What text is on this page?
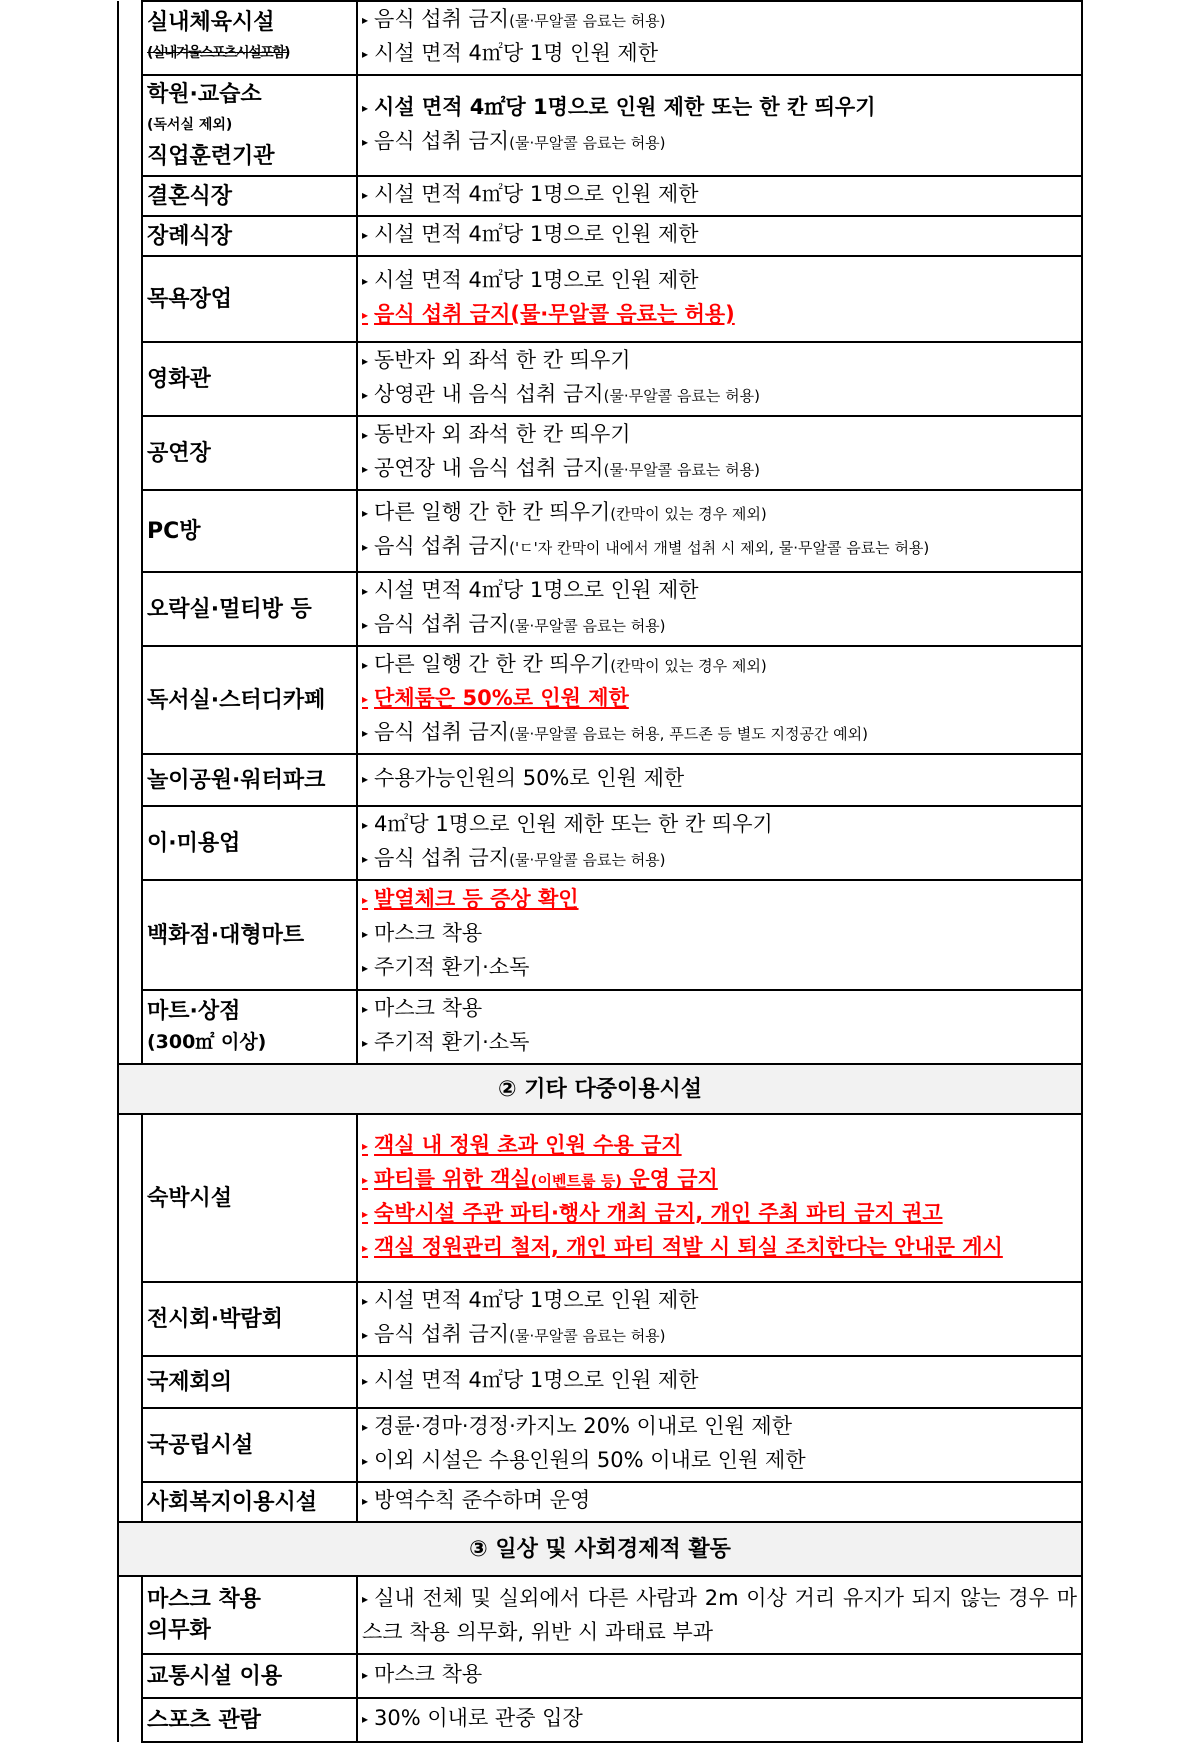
	실내체육시설
(실내겨울스포츠시설포함)	▸ 음식 섭취 금지(물·무알콜 음료는 허용)
▸ 시설 면적 4㎡당 1명 인원 제한

	학원·교습소
(독서실 제외)
직업훈련기관	▸ 시설 면적 4㎡당 1명으로 인원 제한 또는 한 칸 띄우기
▸ 음식 섭취 금지(물·무알콜 음료는 허용)

	결혼식장	▸ 시설 면적 4㎡당 1명으로 인원 제한

	장례식장	▸ 시설 면적 4㎡당 1명으로 인원 제한

	목욕장업	▸ 시설 면적 4㎡당 1명으로 인원 제한
▸ 음식 섭취 금지(물·무알콜 음료는 허용)

	영화관	▸ 동반자 외 좌석 한 칸 띄우기
▸ 상영관 내 음식 섭취 금지(물·무알콜 음료는 허용)

	공연장	▸ 동반자 외 좌석 한 칸 띄우기
▸ 공연장 내 음식 섭취 금지(물·무알콜 음료는 허용)

	PC방	▸ 다른 일행 간 한 칸 띄우기(칸막이 있는 경우 제외)
▸ 음식 섭취 금지('ㄷ'자 칸막이 내에서 개별 섭취 시 제외, 물·무알콜 음료는 허용)

	오락실·멀티방 등	▸ 시설 면적 4㎡당 1명으로 인원 제한
▸ 음식 섭취 금지(물·무알콜 음료는 허용)

	독서실·스터디카페	▸ 다른 일행 간 한 칸 띄우기(칸막이 있는 경우 제외)
▸ 단체룸은 50%로 인원 제한
▸ 음식 섭취 금지(물·무알콜 음료는 허용, 푸드존 등 별도 지정공간 예외)

	놀이공원·워터파크	▸ 수용가능인원의 50%로 인원 제한

	이·미용업	▸ 4㎡당 1명으로 인원 제한 또는 한 칸 띄우기
▸ 음식 섭취 금지(물·무알콜 음료는 허용)

	백화점·대형마트	▸ 발열체크 등 증상 확인
▸ 마스크 착용
▸ 주기적 환기·소독

	마트·상점
(300㎡ 이상)	▸ 마스크 착용
▸ 주기적 환기·소독

② 기타 다중이용시설		
	숙박시설	▸ 객실 내 정원 초과 인원 수용 금지
▸ 파티를 위한 객실(이벤트룸 등) 운영 금지
▸ 숙박시설 주관 파티·행사 개최 금지, 개인 주최 파티 금지 권고
▸ 객실 정원관리 철저, 개인 파티 적발 시 퇴실 조치한다는 안내문 게시

	전시회·박람회	▸ 시설 면적 4㎡당 1명으로 인원 제한
▸ 음식 섭취 금지(물·무알콜 음료는 허용)

	국제회의	▸ 시설 면적 4㎡당 1명으로 인원 제한

	국공립시설	▸ 경륜·경마·경정·카지노 20% 이내로 인원 제한
▸ 이외 시설은 수용인원의 50% 이내로 인원 제한

	사회복지이용시설	▸ 방역수칙 준수하며 운영

③ 일상 및 사회경제적 활동		

	마스크 착용
의무화	▸ 실내 전체 및 실외에서 다른 사람과 2m 이상 거리 유지가 되지 않는 경우 마스크 착용 의무화, 위반 시 과태료 부과

	교통시설 이용	▸ 마스크 착용

	스포츠 관람	▸ 30% 이내로 관중 입장
